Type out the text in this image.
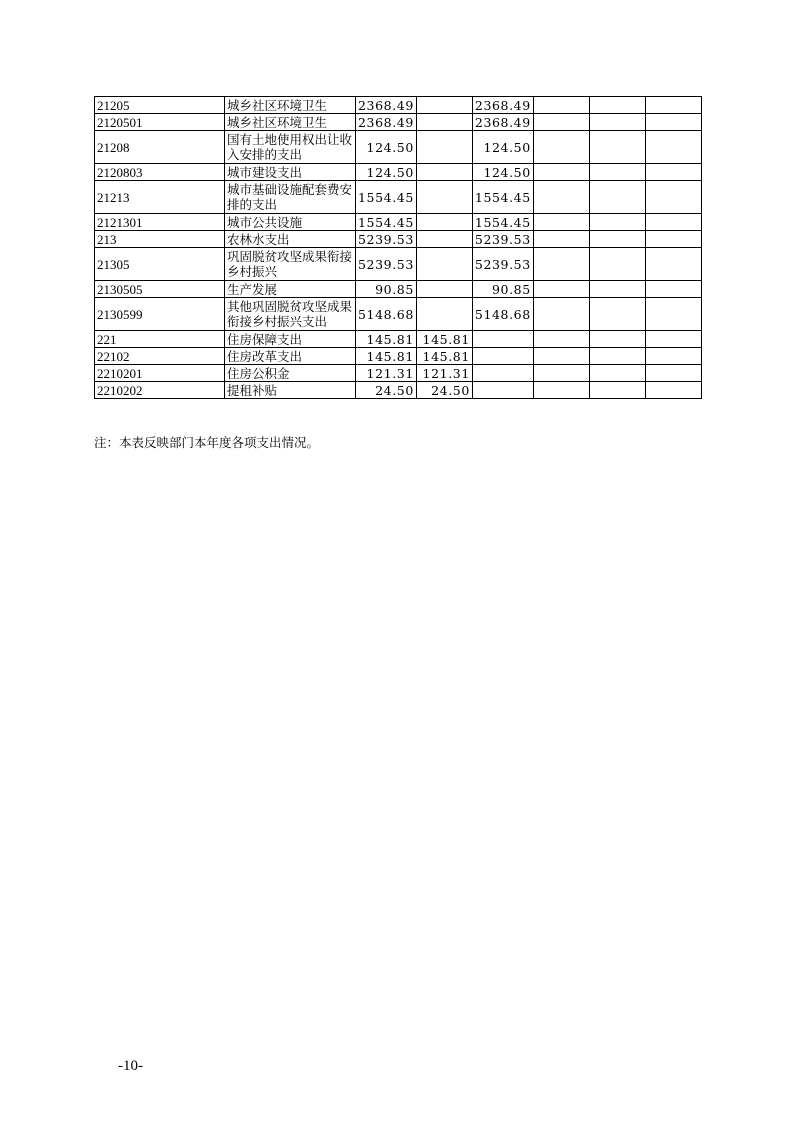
21205	城乡社区环境卫生	2368.49		2368.49			
2120501	城乡社区环境卫生	2368.49		2368.49			
21208	国有土地使用权出让收入安排的支出	124.50		124.50			
2120803	城市建设支出	124.50		124.50			
21213	城市基础设施配套费安排的支出	1554.45		1554.45			
2121301	城市公共设施	1554.45		1554.45			
213	农林水支出	5239.53		5239.53			
21305	巩固脱贫攻坚成果衔接乡村振兴	5239.53		5239.53			
2130505	生产发展	90.85		90.85			
2130599	其他巩固脱贫攻坚成果衔接乡村振兴支出	5148.68		5148.68			
221	住房保障支出	145.81	145.81				
22102	住房改革支出	145.81	145.81				
2210201	住房公积金	121.31	121.31				
2210202	提租补贴	24.50	24.50				
注：本表反映部门本年度各项支出情况。
-10-
